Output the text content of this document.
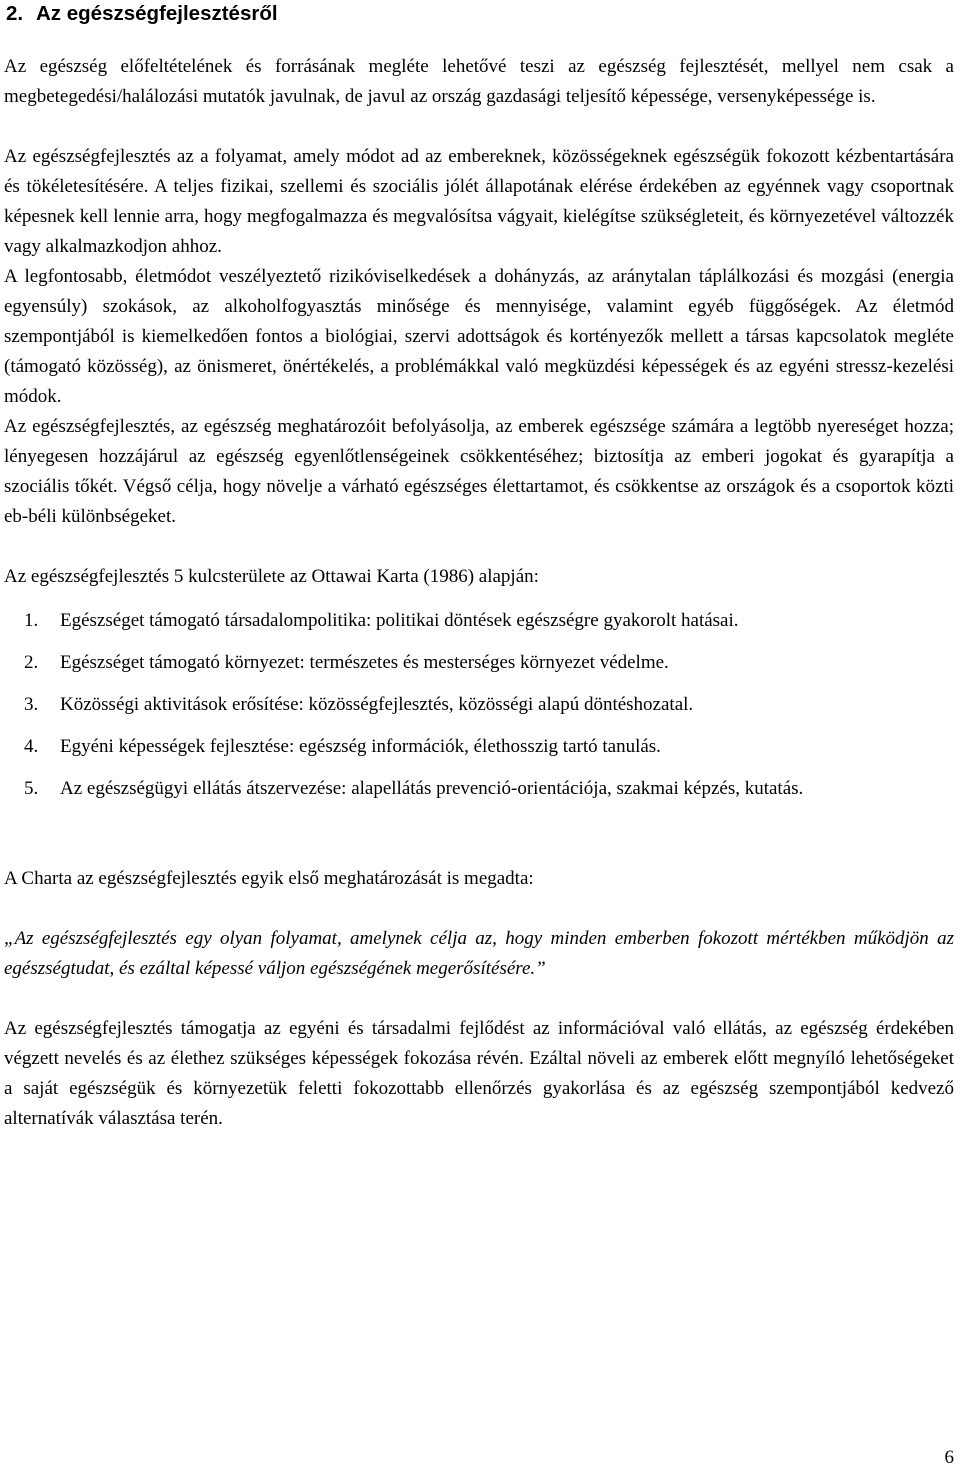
2. Az egészségfejlesztésről

Az egészség előfeltételének és forrásának megléte lehetővé teszi az egészség fejlesztését, mellyel nem csak a megbetegedési/halálozási mutatók javulnak, de javul az ország gazdasági teljesítő képessége, versenyképessége is.

Az egészségfejlesztés az a folyamat, amely módot ad az embereknek, közösségeknek egészségük fokozott kézbentartására és tökéletesítésére. A teljes fizikai, szellemi és szociális jólét állapotának elérése érdekében az egyénnek vagy csoportnak képesnek kell lennie arra, hogy megfogalmazza és megvalósítsa vágyait, kielégítse szükségleteit, és környezetével változzék vagy alkalmazkodjon ahhoz.

A legfontosabb, életmódot veszélyeztető rizikóviselkedések a dohányzás, az aránytalan táplálkozási és mozgási (energia egyensúly) szokások, az alkoholfogyasztás minősége és mennyisége, valamint egyéb függőségek. Az életmód szempontjából is kiemelkedően fontos a biológiai, szervi adottságok és kortényezők mellett a társas kapcsolatok megléte (támogató közösség), az önismeret, önértékelés, a problémákkal való megküzdési képességek és az egyéni stressz-kezelési módok.

Az egészségfejlesztés, az egészség meghatározóit befolyásolja, az emberek egészsége számára a legtöbb nyereséget hozza; lényegesen hozzájárul az egészség egyenlőtlenségeinek csökkentéséhez; biztosítja az emberi jogokat és gyarapítja a szociális tőkét. Végső célja, hogy növelje a várható egészséges élettartamot, és csökkentse az országok és a csoportok közti eb-béli különbségeket.

Az egészségfejlesztés 5 kulcsterülete az Ottawai Karta (1986) alapján:

1. Egészséget támogató társadalompolitika: politikai döntések egészségre gyakorolt hatásai.
2. Egészséget támogató környezet: természetes és mesterséges környezet védelme.
3. Közösségi aktivitások erősítése: közösségfejlesztés, közösségi alapú döntéshozatal.
4. Egyéni képességek fejlesztése: egészség információk, élethosszig tartó tanulás.
5. Az egészségügyi ellátás átszervezése: alapellátás prevenció-orientációja, szakmai képzés, kutatás.

A Charta az egészségfejlesztés egyik első meghatározását is megadta:

„Az egészségfejlesztés egy olyan folyamat, amelynek célja az, hogy minden emberben fokozott mértékben működjön az egészségtudat, és ezáltal képessé váljon egészségének megerősítésére.”

Az egészségfejlesztés támogatja az egyéni és társadalmi fejlődést az információval való ellátás, az egészség érdekében végzett nevelés és az élethez szükséges képességek fokozása révén. Ezáltal növeli az emberek előtt megnyíló lehetőségeket a saját egészségük és környezetük feletti fokozottabb ellenőrzés gyakorlása és az egészség szempontjából kedvező alternatívák választása terén.

6
